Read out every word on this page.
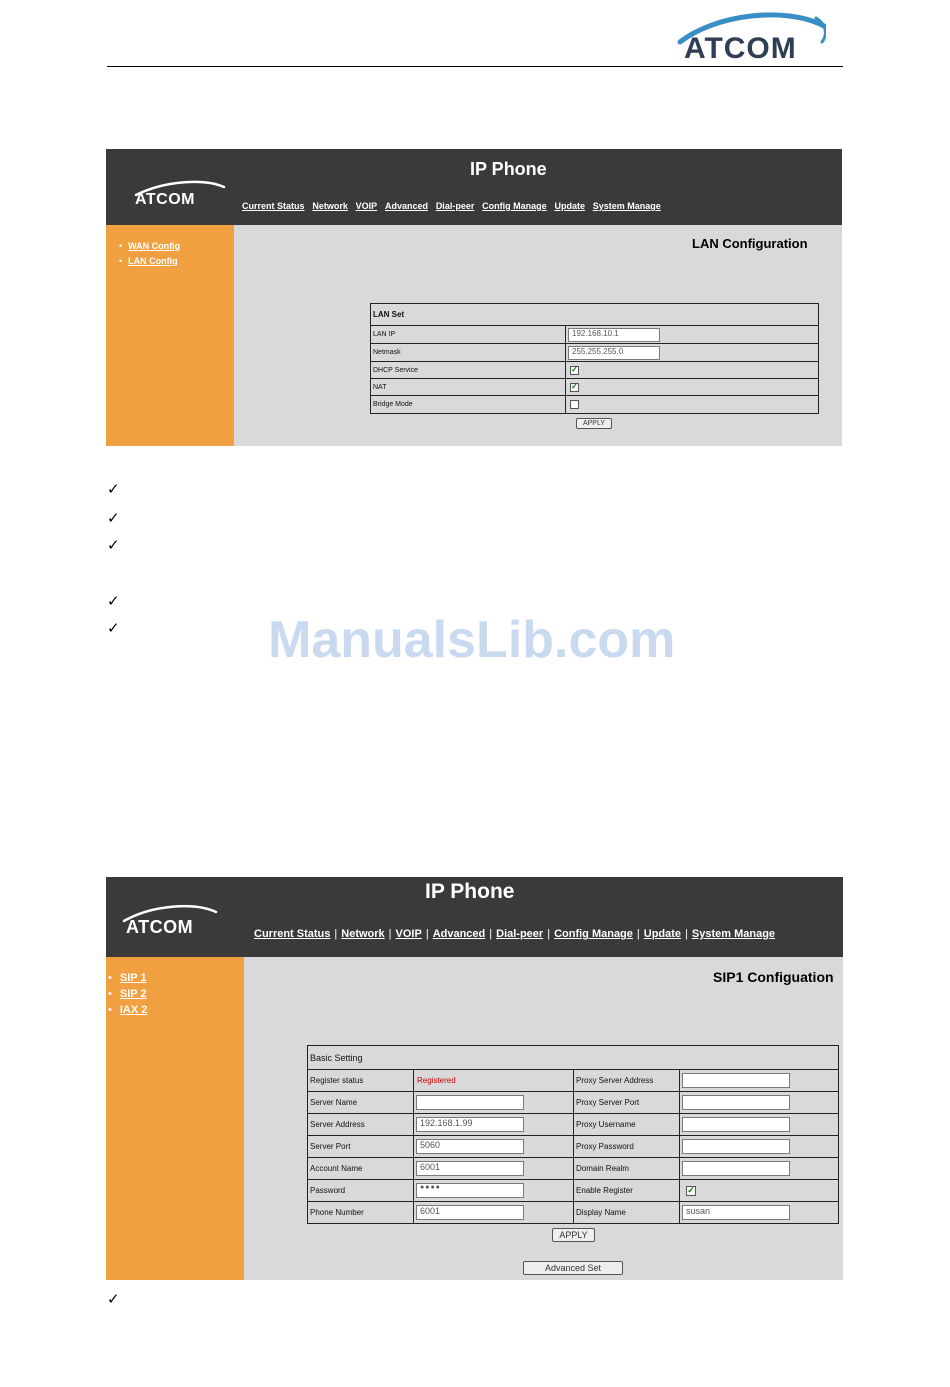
ATCOM
ATCOM
IP Phone
Current Status
  Network
  VOIP
  Advanced
  Dial-peer
  Config Manage
  Update
  System Manage
• WAN Config
• LAN Config
LAN Configuration
LAN Set	
LAN IP	192.168.10.1
Netmask	255.255.255.0
DHCP Service	✓

NAT	✓

Bridge Mode	
APPLY
✓
✓
✓
✓
✓	ManualsLib.com
ATCOM
IP Phone
Current Status | Network | VOIP | Advanced | Dial-peer | Config Manage | Update | System Manage
• SIP 1
• SIP 2
• IAX 2
SIP1 Configuation
Basic Setting			
Register status	Registered	Proxy Server Address	
Server Name		Proxy Server Port	
Server Address	192.168.1.99	Proxy Username	
Server Port	5060	Proxy Password	
Account Name	6001	Domain Realm	
Password	●●●●	Enable Register	✓

Phone Number	6001	Display Name	susan
APPLY
Advanced Set
✓
